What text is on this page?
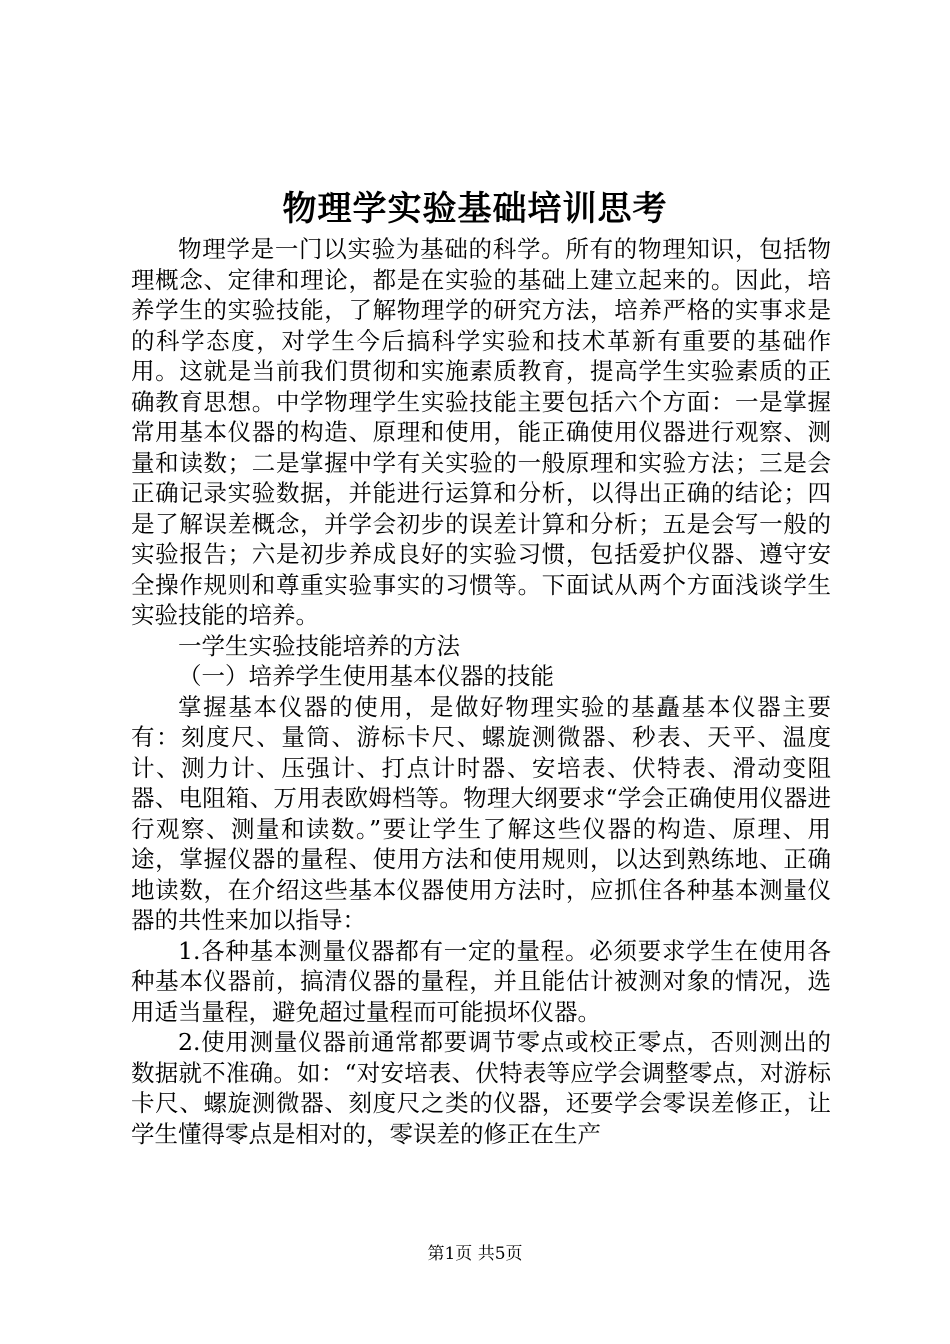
物理学实验基础培训思考

物理学是一门以实验为基础的科学。所有的物理知识，包括物理概念、定律和理论，都是在实验的基础上建立起来的。因此，培养学生的实验技能，了解物理学的研究方法，培养严格的实事求是的科学态度，对学生今后搞科学实验和技术革新有重要的基础作用。这就是当前我们贯彻和实施素质教育，提高学生实验素质的正确教育思想。中学物理学生实验技能主要包括六个方面：一是掌握常用基本仪器的构造、原理和使用，能正确使用仪器进行观察、测量和读数；二是掌握中学有关实验的一般原理和实验方法；三是会正确记录实验数据，并能进行运算和分析，以得出正确的结论；四是了解误差概念，并学会初步的误差计算和分析；五是会写一般的实验报告；六是初步养成良好的实验习惯，包括爱护仪器、遵守安全操作规则和尊重实验事实的习惯等。下面试从两个方面浅谈学生实验技能的培养。

一学生实验技能培养的方法

（一）培养学生使用基本仪器的技能

掌握基本仪器的使用，是做好物理实验的基矗基本仪器主要有：刻度尺、量筒、游标卡尺、螺旋测微器、秒表、天平、温度计、测力计、压强计、打点计时器、安培表、伏特表、滑动变阻器、电阻箱、万用表欧姆档等。物理大纲要求“学会正确使用仪器进行观察、测量和读数。”要让学生了解这些仪器的构造、原理、用途，掌握仪器的量程、使用方法和使用规则，以达到熟练地、正确地读数，在介绍这些基本仪器使用方法时，应抓住各种基本测量仪器的共性来加以指导：

1.各种基本测量仪器都有一定的量程。必须要求学生在使用各种基本仪器前，搞清仪器的量程，并且能估计被测对象的情况，选用适当量程，避免超过量程而可能损坏仪器。

2.使用测量仪器前通常都要调节零点或校正零点，否则测出的数据就不准确。如：“对安培表、伏特表等应学会调整零点，对游标卡尺、螺旋测微器、刻度尺之类的仪器，还要学会零误差修正，让学生懂得零点是相对的，零误差的修正在生产

第1页 共5页
